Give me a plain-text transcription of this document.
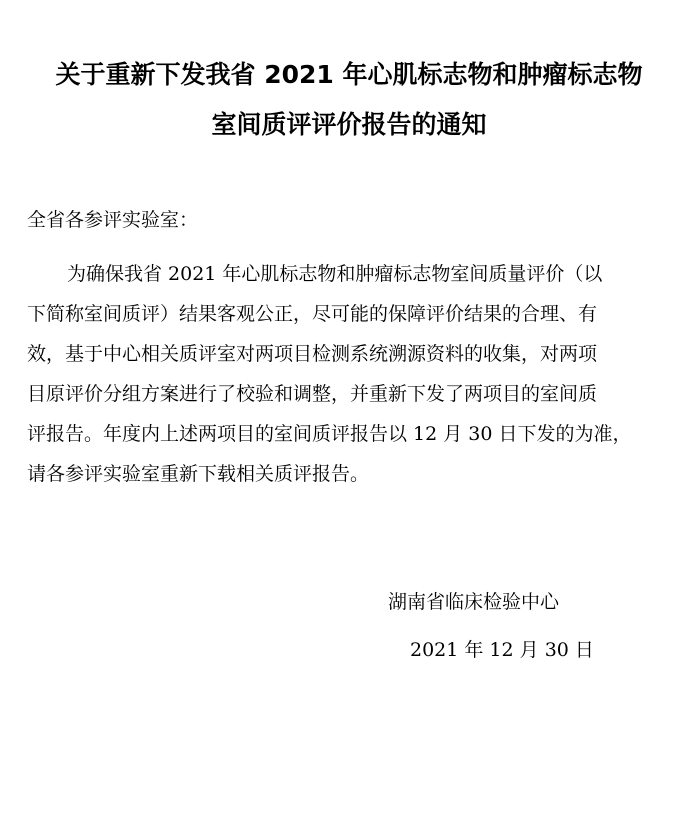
关于重新下发我省 2021 年心肌标志物和肿瘤标志物
室间质评评价报告的通知
全省各参评实验室：
为确保我省 2021 年心肌标志物和肿瘤标志物室间质量评价（以
下简称室间质评）结果客观公正，尽可能的保障评价结果的合理、有
效，基于中心相关质评室对两项目检测系统溯源资料的收集，对两项
目原评价分组方案进行了校验和调整，并重新下发了两项目的室间质
评报告。年度内上述两项目的室间质评报告以 12 月 30 日下发的为准，
请各参评实验室重新下载相关质评报告。
湖南省临床检验中心
2021 年 12 月 30 日
